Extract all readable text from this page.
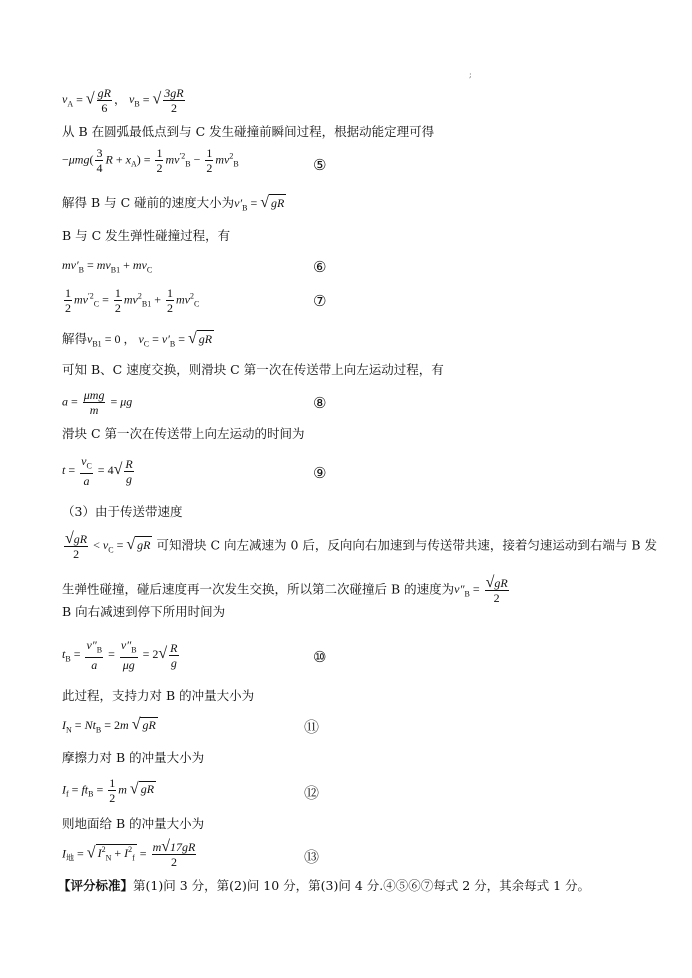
;
$v_A$ = √ $\frac{gR}{6}$ ， $v_B$ = √ $\frac{3gR}{2}$
从 B 在圆弧最低点到与 C 发生碰撞前瞬间过程，根据动能定理可得
$-\mu mg( \frac{3}{4}$ $R + x_A) = \frac{1}{2} mv^{'2}_B - \frac{1}{2} mv^2_B$	⑤
解得 B 与 C 碰前的速度大小为$v'_B$ = √ gR
B 与 C 发生弹性碰撞过程，有
$mv'_B = mv_{B1} + mv_C$	⑥
$\frac{1}{2} mv^{'2}_C = \frac{1}{2} mv^2_{B1} + \frac{1}{2} mv^2_C$	⑦
解得$v_{B1} = 0$ ， $v_C = v'_B$ = √ gR
可知 B、C 速度交换，则滑块 C 第一次在传送带上向左运动过程，有
$a = \frac{\text{μmg}}{m} = \mu g$	⑧
滑块 C 第一次在传送带上向左运动的时间为
$t = \frac{v_C}{a} = 4√ \frac{R}{g}$	⑨
（3）由于传送带速度
$\frac{√gR}{2} < v_C$ = √ gR 可知滑块 C 向左减速为 0 后，反向向右加速到与传送带共速，接着匀速运动到右端与 B 发
生弹性碰撞，碰后速度再一次发生交换，所以第二次碰撞后 B 的速度为$v''_B = \frac{√gR}{2}$
B 向右减速到停下所用时间为
$t_B = \frac{v''_B}{a} = \frac{v''_B}{\mu g} = 2√ \frac{R}{g}$	⑩
此过程，支持力对 B 的冲量大小为
$I_N = Nt_B = 2m$ √ gR	⑪
摩擦力对 B 的冲量大小为
$I_f = ft_B = \frac{1}{2}$ m √ gR	⑫
则地面给 B 的冲量大小为
$I_地$ = √ $I^2_N + I^2_f = \frac{m√17gR}{2}$	⑬
【评分标准】第(1)问 3 分，第(2)问 10 分，第(3)问 4 分.④⑤⑥⑦每式 2 分，其余每式 1 分。
